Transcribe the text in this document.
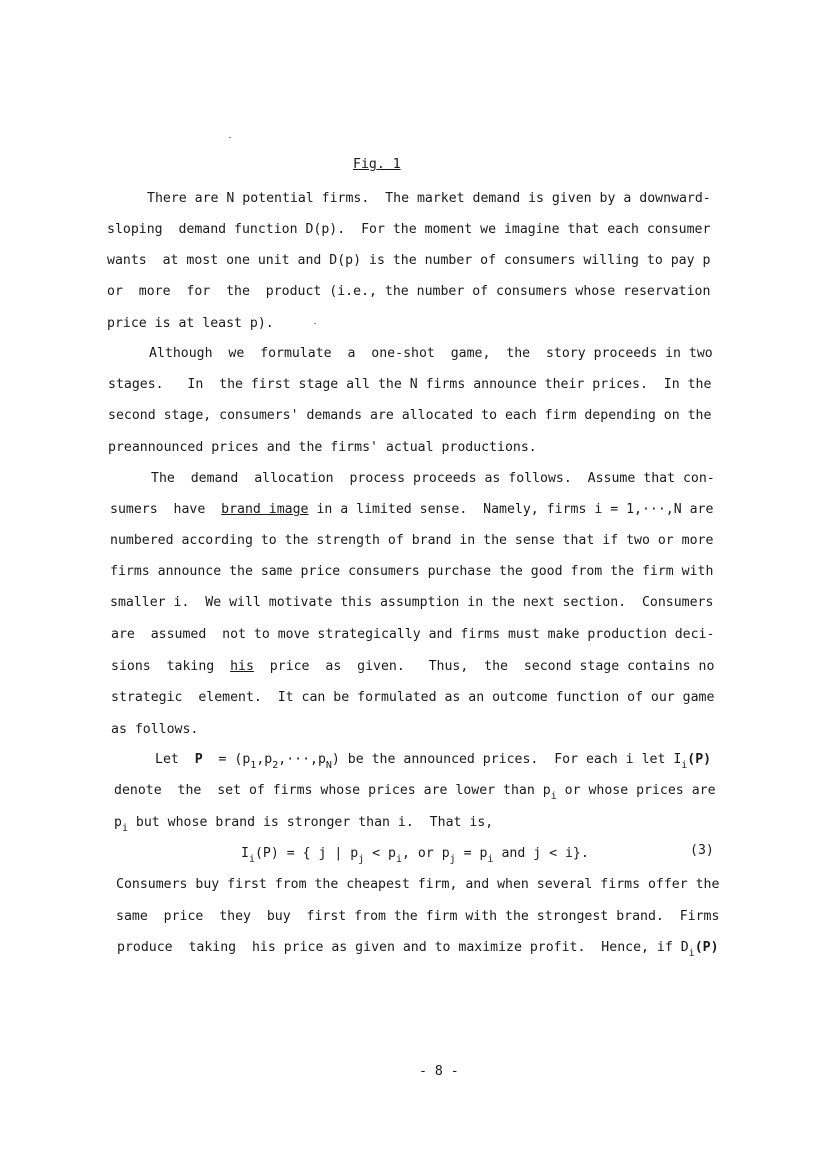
Fig. 1
There are N potential firms.  The market demand is given by a downward-
sloping  demand function D(p).  For the moment we imagine that each consumer
wants  at most one unit and D(p) is the number of consumers willing to pay p
or  more  for  the  product (i.e., the number of consumers whose reservation
price is at least p).
Although  we  formulate  a  one-shot  game,  the  story proceeds in two
stages.   In  the first stage all the N firms announce their prices.  In the
second stage, consumers' demands are allocated to each firm depending on the
preannounced prices and the firms' actual productions.
The  demand  allocation  process proceeds as follows.  Assume that con-
sumers  have  brand image in a limited sense.  Namely, firms i = 1,···,N are
numbered according to the strength of brand in the sense that if two or more
firms announce the same price consumers purchase the good from the firm with
smaller i.  We will motivate this assumption in the next section.  Consumers
are  assumed  not to move strategically and firms must make production deci-
sions  taking  his  price  as  given.   Thus,  the  second stage contains no
strategic  element.  It can be formulated as an outcome function of our game
as follows.
Let  $P = (p_1,p_2,\cdot\cdot\cdot,p_N)$ be the announced prices.  For each i let $I_i(P)$
denote  the  set of firms whose prices are lower than $p_i$ or whose prices are
$p_i$ but whose brand is stronger than i.  That is,
$I_i(P)$ = { j | $p_j < p_i$, or $p_j = p_i$ and j < i}.	(3)
Consumers buy first from the cheapest firm, and when several firms offer the
same  price  they  buy  first from the firm with the strongest brand.  Firms
produce  taking  his price as given and to maximize profit.  Hence, if $D_i(P)$
- 8 -
